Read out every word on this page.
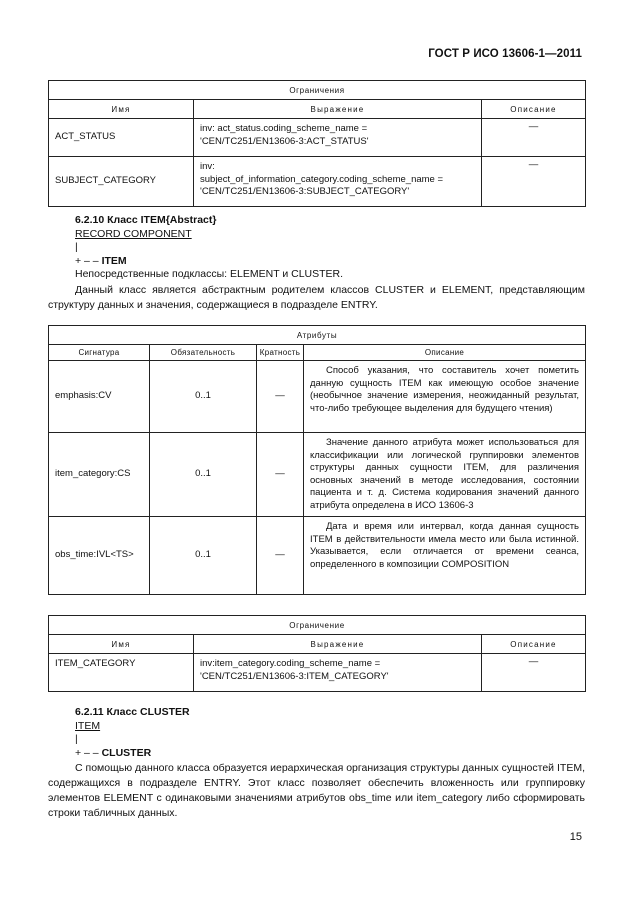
ГОСТ Р ИСО 13606-1—2011
Ограничения		
Имя	Выражение	Описание
ACT_STATUS	inv: act_status.coding_scheme_name =
'CEN/TC251/EN13606-3:ACT_STATUS'	—
SUBJECT_CATEGORY	inv:
subject_of_information_category.coding_scheme_name =
'CEN/TC251/EN13606-3:SUBJECT_CATEGORY'	—
6.2.10 Класс ITEM{Abstract}
RECORD COMPONENT
|
+ – – ITEM
Непосредственные подклассы: ELEMENT и CLUSTER.
Данный класс является абстрактным родителем классов CLUSTER и ELEMENT, представляющим структуру данных и значения, содержащиеся в подразделе ENTRY.
Атрибуты			
Сигнатура	Обязательность	Кратность	Описание
emphasis:CV	0..1	—	Способ указания, что составитель хочет пометить данную сущность ITEM как имеющую особое значение (необычное значение измерения, неожиданный результат, что-либо требующее выделения для будущего чтения)
item_category:CS	0..1	—	Значение данного атрибута может использоваться для классификации или логической группировки элементов структуры данных сущности ITEM, для различения основных значений в методе исследования, состоянии пациента и т. д. Система кодирования значений данного атрибута определена в ИСО 13606-3
obs_time:IVL<TS>	0..1	—	Дата и время или интервал, когда данная сущность ITEM в действительности имела место или была истинной. Указывается, если отличается от времени сеанса, определенного в композиции COMPOSITION
Ограничение		
Имя	Выражение	Описание
ITEM_CATEGORY	inv:item_category.coding_scheme_name =
'CEN/TC251/EN13606-3:ITEM_CATEGORY'	—
6.2.11 Класс CLUSTER
ITEM
|
+ – – CLUSTER
С помощью данного класса образуется иерархическая организация структуры данных сущностей ITEM, содержащихся в подразделе ENTRY. Этот класс позволяет обеспечить вложенность или группировку элементов ELEMENT с одинаковыми значениями атрибутов obs_time или item_category либо сформировать строки табличных данных.
15
